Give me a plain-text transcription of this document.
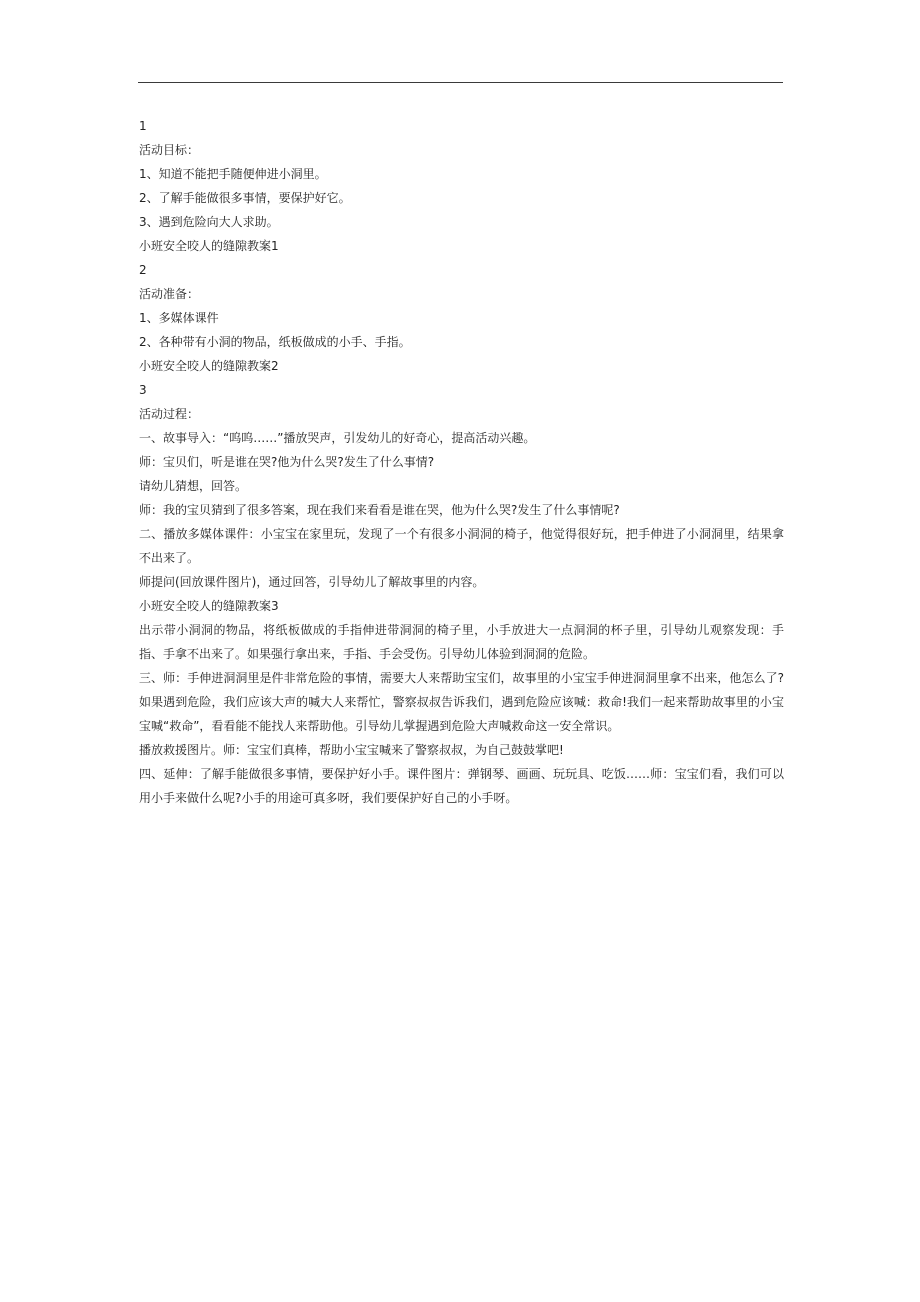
1

活动目标：

1、知道不能把手随便伸进小洞里。

2、了解手能做很多事情，要保护好它。

3、遇到危险向大人求助。

小班安全咬人的缝隙教案1

2

活动准备：

1、多媒体课件

2、各种带有小洞的物品，纸板做成的小手、手指。

小班安全咬人的缝隙教案2

3

活动过程：

一、故事导入：“呜呜……”播放哭声，引发幼儿的好奇心，提高活动兴趣。

师：宝贝们，听是谁在哭?他为什么哭?发生了什么事情?

请幼儿猜想，回答。

师：我的宝贝猜到了很多答案，现在我们来看看是谁在哭，他为什么哭?发生了什么事情呢?

二、播放多媒体课件：小宝宝在家里玩，发现了一个有很多小洞洞的椅子，他觉得很好玩，把手伸进了小洞洞里，结果拿不出来了。

师提问(回放课件图片)，通过回答，引导幼儿了解故事里的内容。

小班安全咬人的缝隙教案3

出示带小洞洞的物品，将纸板做成的手指伸进带洞洞的椅子里，小手放进大一点洞洞的杯子里，引导幼儿观察发现：手指、手拿不出来了。如果强行拿出来，手指、手会受伤。引导幼儿体验到洞洞的危险。

三、师：手伸进洞洞里是件非常危险的事情，需要大人来帮助宝宝们，故事里的小宝宝手伸进洞洞里拿不出来，他怎么了?如果遇到危险，我们应该大声的喊大人来帮忙，警察叔叔告诉我们，遇到危险应该喊：救命!我们一起来帮助故事里的小宝宝喊“救命”，看看能不能找人来帮助他。引导幼儿掌握遇到危险大声喊救命这一安全常识。

播放救援图片。师：宝宝们真棒，帮助小宝宝喊来了警察叔叔，为自己鼓鼓掌吧!

四、延伸：了解手能做很多事情，要保护好小手。课件图片：弹钢琴、画画、玩玩具、吃饭……师：宝宝们看，我们可以用小手来做什么呢?小手的用途可真多呀，我们要保护好自己的小手呀。
